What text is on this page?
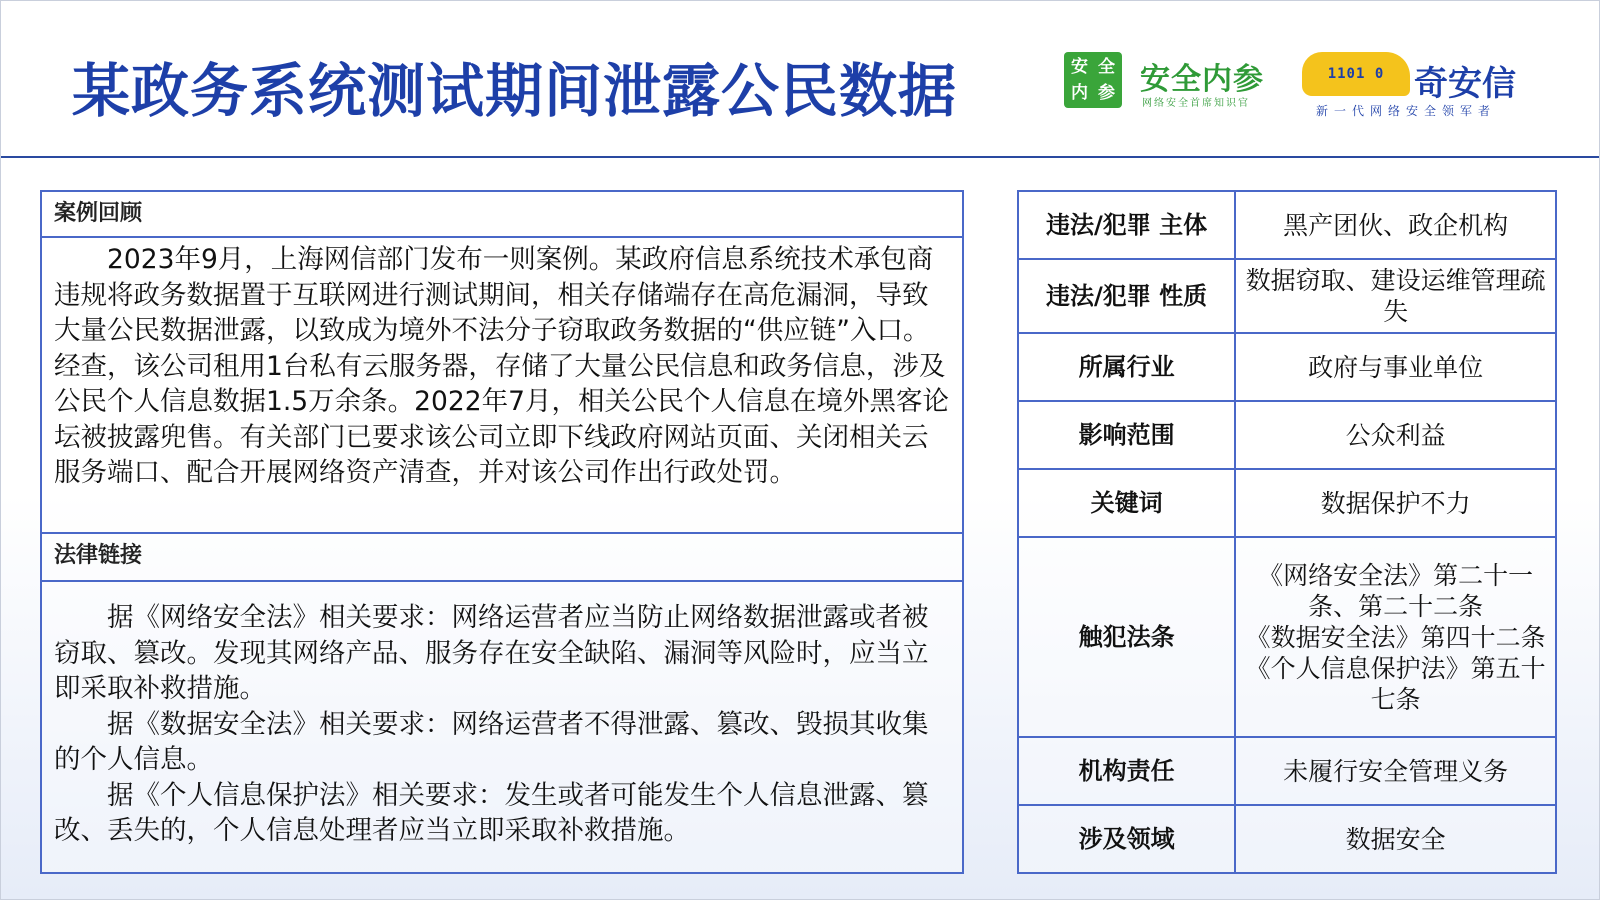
某政务系统测试期间泄露公民数据	安 全
内 参 安全内参
网络安全首席知识官
1101 0 奇安信
新一代网络安全领军者
案例回顾
2023年9月，上海网信部门发布一则案例。某政府信息系统技术承包商违规将政务数据置于互联网进行测试期间，相关存储端存在高危漏洞，导致大量公民数据泄露，以致成为境外不法分子窃取政务数据的“供应链”入口。经查，该公司租用1台私有云服务器，存储了大量公民信息和政务信息，涉及公民个人信息数据1.5万余条。2022年7月，相关公民个人信息在境外黑客论坛被披露兜售。有关部门已要求该公司立即下线政府网站页面、关闭相关云服务端口、配合开展网络资产清查，并对该公司作出行政处罚。
法律链接

据《网络安全法》相关要求：网络运营者应当防止网络数据泄露或者被窃取、篡改。发现其网络产品、服务存在安全缺陷、漏洞等风险时，应当立即采取补救措施。

据《数据安全法》相关要求：网络运营者不得泄露、篡改、毁损其收集的个人信息。

据《个人信息保护法》相关要求：发生或者可能发生个人信息泄露、篡改、丢失的，个人信息处理者应当立即采取补救措施。

违法/犯罪 主体	黑产团伙、政企机构
违法/犯罪 性质	数据窃取、建设运维管理疏失
所属行业	政府与事业单位
影响范围	公众利益
关键词	数据保护不力
触犯法条	《网络安全法》第二十一条、第二十二条
《数据安全法》第四十二条
《个人信息保护法》第五十七条

机构责任	未履行安全管理义务
涉及领域	数据安全
